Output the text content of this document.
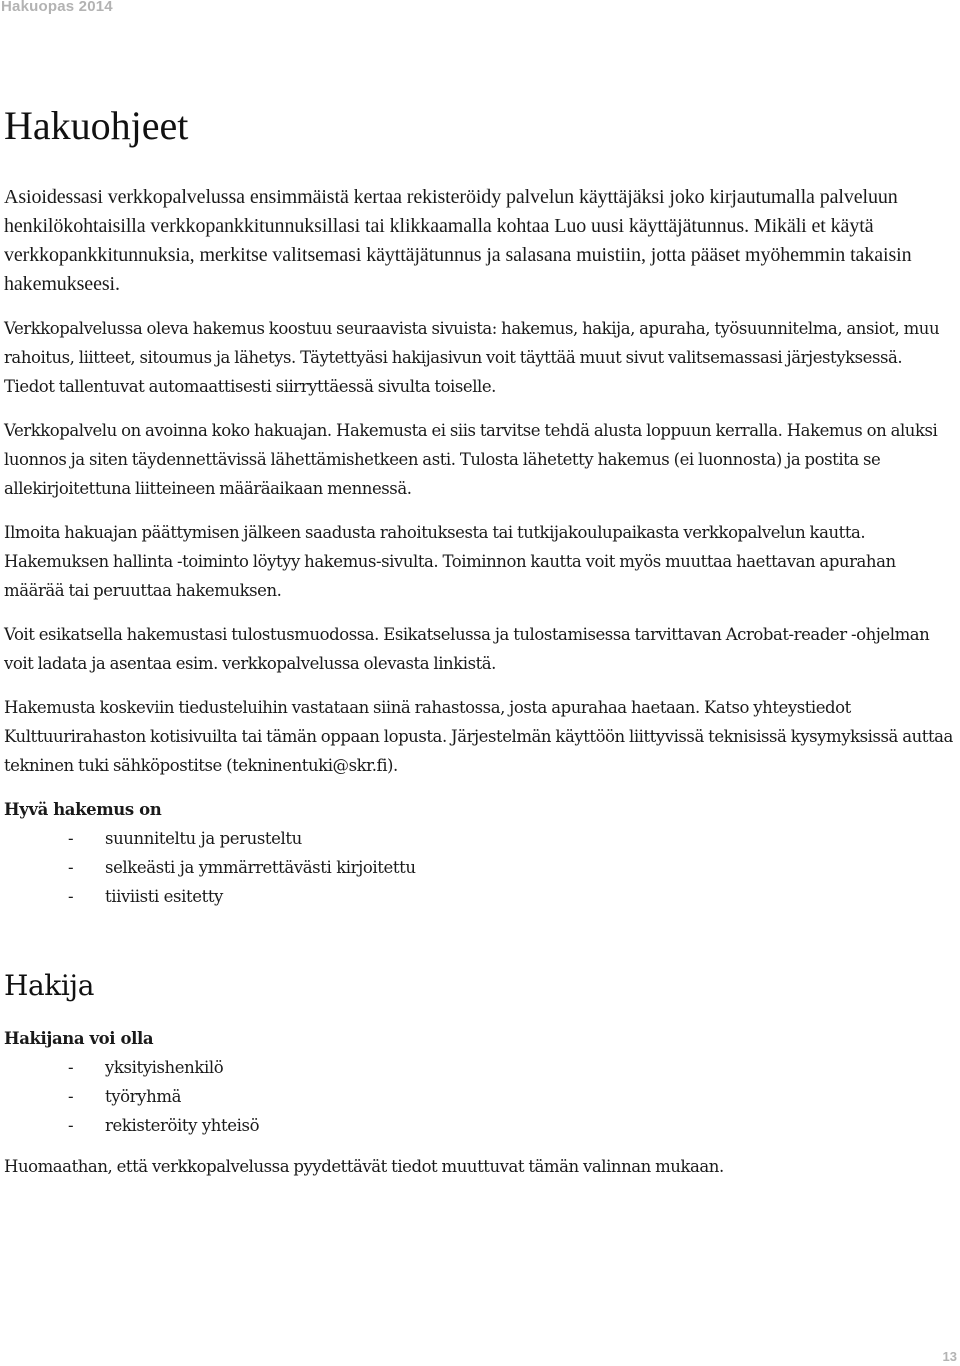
Hakuopas 2014
Hakuohjeet

Asioidessasi verkkopalvelussa ensimmäistä kertaa rekisteröidy palvelun käyttäjäksi joko kirjautumalla palveluun henkilökohtaisilla verkkopankkitunnuksillasi tai klikkaamalla kohtaa Luo uusi käyttäjätunnus. Mikäli et käytä verkkopankkitunnuksia, merkitse valitsemasi käyttäjätunnus ja salasana muistiin, jotta pääset myöhemmin takaisin hakemukseesi.

Verkkopalvelussa oleva hakemus koostuu seuraavista sivuista: hakemus, hakija, apuraha, työsuunnitelma, ansiot, muu rahoitus, liitteet, sitoumus ja lähetys. Täytettyäsi hakijasivun voit täyttää muut sivut valitsemassasi järjestyksessä. Tiedot tallentuvat automaattisesti siirryttäessä sivulta toiselle.

Verkkopalvelu on avoinna koko hakuajan. Hakemusta ei siis tarvitse tehdä alusta loppuun kerralla. Hakemus on aluksi luonnos ja siten täydennettävissä lähettämishetkeen asti. Tulosta lähetetty hakemus (ei luonnosta) ja postita se allekirjoitettuna liitteineen määräaikaan mennessä.

Ilmoita hakuajan päättymisen jälkeen saadusta rahoituksesta tai tutkijakoulupaikasta verkkopalvelun kautta. Hakemuksen hallinta -toiminto löytyy hakemus-sivulta. Toiminnon kautta voit myös muuttaa haettavan apurahan määrää tai peruuttaa hakemuksen.

Voit esikatsella hakemustasi tulostusmuodossa. Esikatselussa ja tulostamisessa tarvittavan Acrobat-reader -ohjelman voit ladata ja asentaa esim. verkkopalvelussa olevasta linkistä.

Hakemusta koskeviin tiedusteluihin vastataan siinä rahastossa, josta apurahaa haetaan. Katso yhteystiedot Kulttuurirahaston kotisivuilta tai tämän oppaan lopusta. Järjestelmän käyttöön liittyvissä teknisissä kysymyksissä auttaa tekninen tuki sähköpostitse (tekninentuki@skr.fi).

Hyvä hakemus on
- suunniteltu ja perusteltu
- selkeästi ja ymmärrettävästi kirjoitettu
- tiiviisti esitetty
Hakija
Hakijana voi olla
- yksityishenkilö
- työryhmä
- rekisteröity yhteisö

Huomaathan, että verkkopalvelussa pyydettävät tiedot muuttuvat tämän valinnan mukaan.

13
